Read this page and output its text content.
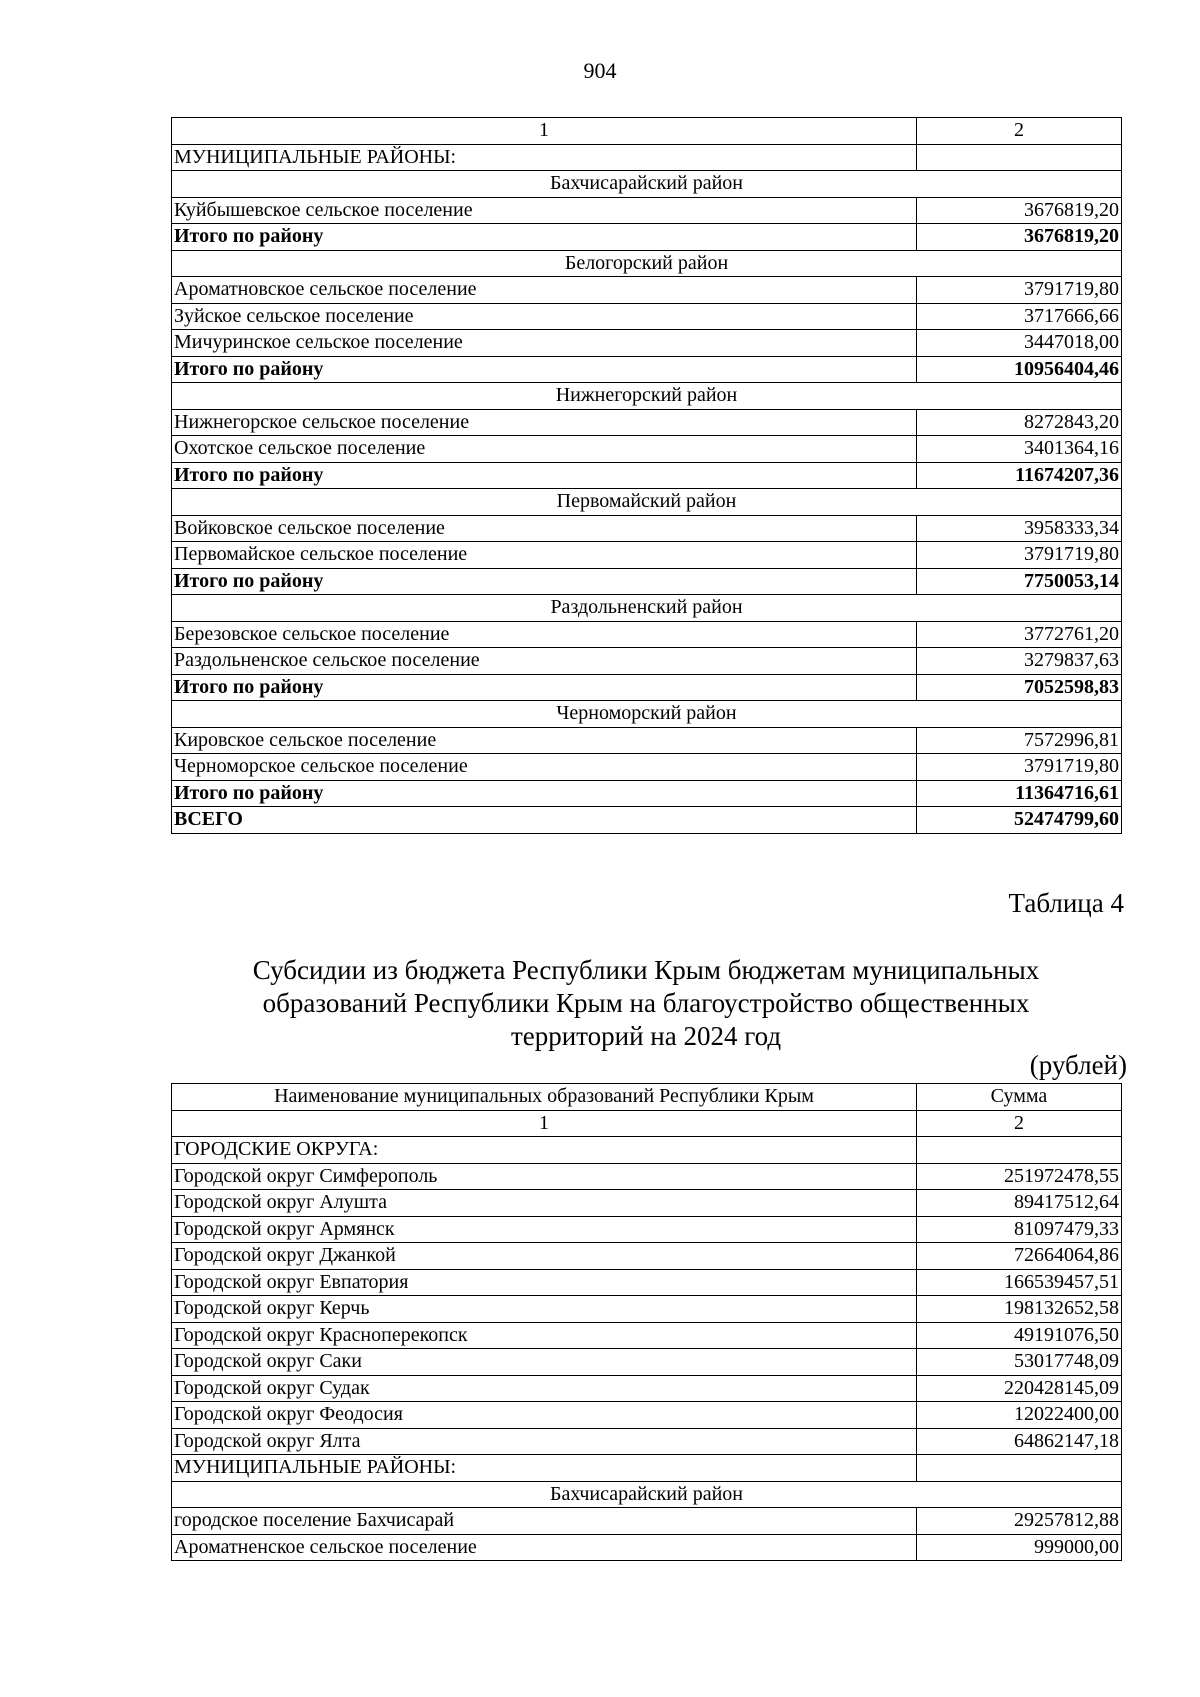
904
1	2
МУНИЦИПАЛЬНЫЕ РАЙОНЫ:	
Бахчисарайский район	
Куйбышевское сельское поселение	3676819,20
Итого по району	3676819,20
Белогорский район	
Ароматновское сельское поселение	3791719,80
Зуйское сельское поселение	3717666,66
Мичуринское сельское поселение	3447018,00
Итого по району	10956404,46
Нижнегорский район	
Нижнегорское сельское поселение	8272843,20
Охотское сельское поселение	3401364,16
Итого по району	11674207,36
Первомайский район	
Войковское сельское поселение	3958333,34
Первомайское сельское поселение	3791719,80
Итого по району	7750053,14
Раздольненский район	
Березовское сельское поселение	3772761,20
Раздольненское сельское поселение	3279837,63
Итого по району	7052598,83
Черноморский район	
Кировское сельское поселение	7572996,81
Черноморское сельское поселение	3791719,80
Итого по району	11364716,61
ВСЕГО	52474799,60
Таблица 4
Субсидии из бюджета Республики Крым бюджетам муниципальных
образований Республики Крым на благоустройство общественных
территорий на 2024 год
(рублей)
Наименование муниципальных образований Республики Крым	Сумма
1	2
ГОРОДСКИЕ ОКРУГА:	
Городской округ Симферополь	251972478,55
Городской округ Алушта	89417512,64
Городской округ Армянск	81097479,33
Городской округ Джанкой	72664064,86
Городской округ Евпатория	166539457,51
Городской округ Керчь	198132652,58
Городской округ Красноперекопск	49191076,50
Городской округ Саки	53017748,09
Городской округ Судак	220428145,09
Городской округ Феодосия	12022400,00
Городской округ Ялта	64862147,18
МУНИЦИПАЛЬНЫЕ РАЙОНЫ:	
Бахчисарайский район	
городское поселение Бахчисарай	29257812,88
Ароматненское сельское поселение	999000,00
